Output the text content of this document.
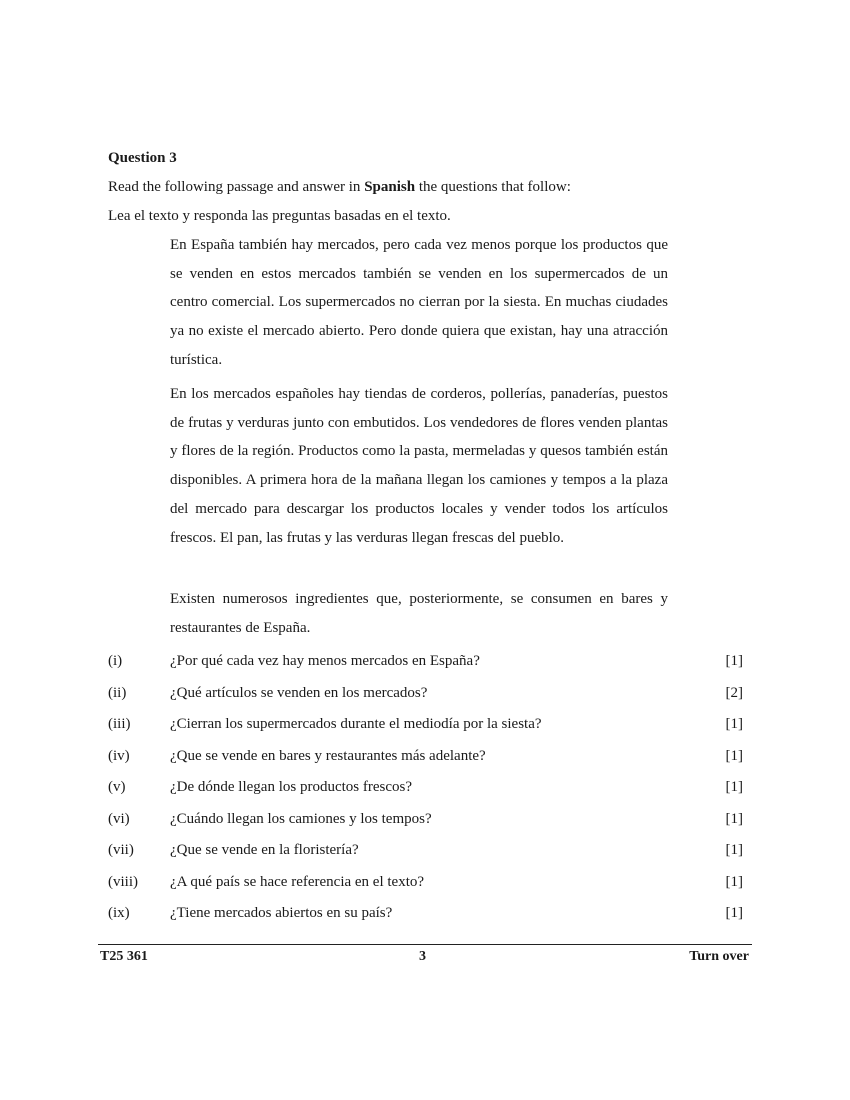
Question 3
Read the following passage and answer in Spanish the questions that follow:
Lea el texto y responda las preguntas basadas en el texto.

En España también hay mercados, pero cada vez menos porque los productos que se venden en estos mercados también se venden en los supermercados de un centro comercial. Los supermercados no cierran por la siesta. En muchas ciudades ya no existe el mercado abierto. Pero donde quiera que existan, hay una atracción turística.

En los mercados españoles hay tiendas de corderos, pollerías, panaderías, puestos de frutas y verduras junto con embutidos. Los vendedores de flores venden plantas y flores de la región. Productos como la pasta, mermeladas y quesos también están disponibles. A primera hora de la mañana llegan los camiones y tempos a la plaza del mercado para descargar los productos locales y vender todos los artículos frescos. El pan, las frutas y las verduras llegan frescas del pueblo.

Existen numerosos ingredientes que, posteriormente, se consumen en bares y restaurantes de España.

(i)	¿Por qué cada vez hay menos mercados en España?	[1]
(ii)	¿Qué artículos se venden en los mercados?	[2]
(iii)	¿Cierran los supermercados durante el mediodía por la siesta?	[1]
(iv)	¿Que se vende en bares y restaurantes más adelante?	[1]
(v)	¿De dónde llegan los productos frescos?	[1]
(vi)	¿Cuándo llegan los camiones y los tempos?	[1]
(vii) ¿Que se vende en la floristería?	[1]
(viii) ¿A qué país se hace referencia en el texto?	[1]
(ix)	¿Tiene mercados abiertos en su país?	[1]
T25 361	3	Turn over
